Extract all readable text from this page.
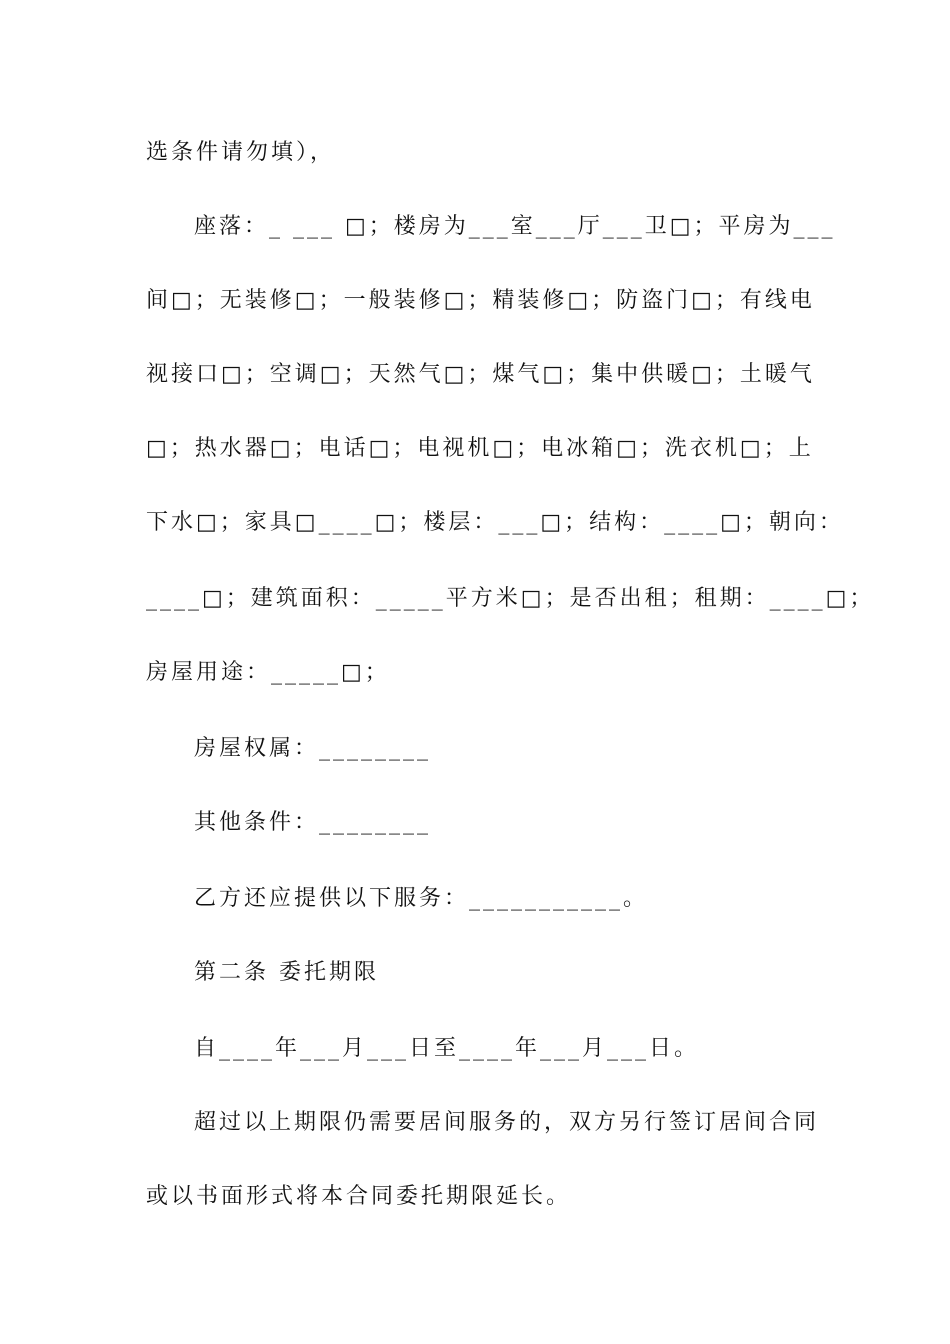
选条件请勿填），
座落：_ ___ □；楼房为___室___厅___卫□；平房为___
间□；无装修□；一般装修□；精装修□；防盗门□；有线电
视接口□；空调□；天然气□；煤气□；集中供暖□；土暖气
□；热水器□；电话□；电视机□；电冰箱□；洗衣机□；上
下水□；家具□____□；楼层：___□；结构：____□；朝向：
____□；建筑面积：_____平方米□；是否出租；租期：____□；
房屋用途：_____□；
房屋权属：________
其他条件：________
乙方还应提供以下服务：___________。
第二条 委托期限
自____年___月___日至____年___月___日。
超过以上期限仍需要居间服务的，双方另行签订居间合同
或以书面形式将本合同委托期限延长。
